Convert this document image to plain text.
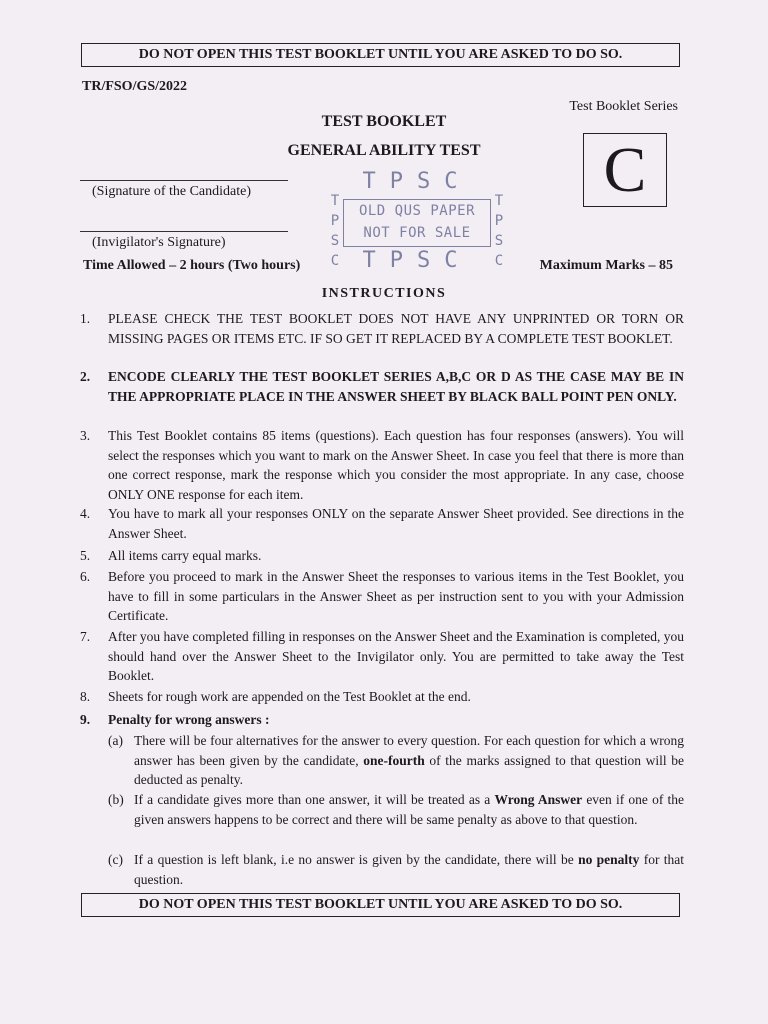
DO NOT OPEN THIS TEST BOOKLET UNTIL YOU ARE ASKED TO DO SO.
TR/FSO/GS/2022
Test Booklet Series
TEST BOOKLET
GENERAL ABILITY TEST	C
(Signature of the Candidate)
(Invigilator's Signature)
TPSC
T
P
S
C
OLD QUS PAPER
NOT FOR SALE
T
P
S
C
TPSC
Time Allowed – 2 hours (Two hours)	Maximum Marks – 85
INSTRUCTIONS
1. PLEASE CHECK THE TEST BOOKLET DOES NOT HAVE ANY UNPRINTED OR TORN OR MISSING PAGES OR ITEMS ETC. IF SO GET IT REPLACED BY A COMPLETE TEST BOOKLET.
2. ENCODE CLEARLY THE TEST BOOKLET SERIES A,B,C OR D AS THE CASE MAY BE IN THE APPROPRIATE PLACE IN THE ANSWER SHEET BY BLACK BALL POINT PEN ONLY.
3. This Test Booklet contains 85 items (questions). Each question has four responses (answers). You will select the responses which you want to mark on the Answer Sheet. In case you feel that there is more than one correct response, mark the response which you consider the most appropriate. In any case, choose ONLY ONE response for each item.
4. You have to mark all your responses ONLY on the separate Answer Sheet provided. See directions in the Answer Sheet.
5. All items carry equal marks.
6. Before you proceed to mark in the Answer Sheet the responses to various items in the Test Booklet, you have to fill in some particulars in the Answer Sheet as per instruction sent to you with your Admission Certificate.
7. After you have completed filling in responses on the Answer Sheet and the Examination is completed, you should hand over the Answer Sheet to the Invigilator only. You are permitted to take away the Test Booklet.
8. Sheets for rough work are appended on the Test Booklet at the end.
9. Penalty for wrong answers :
(a) There will be four alternatives for the answer to every question. For each question for which a wrong answer has been given by the candidate, one-fourth of the marks assigned to that question will be deducted as penalty.
(b) If a candidate gives more than one answer, it will be treated as a Wrong Answer even if one of the given answers happens to be correct and there will be same penalty as above to that question.
(c) If a question is left blank, i.e no answer is given by the candidate, there will be no penalty for that question.
DO NOT OPEN THIS TEST BOOKLET UNTIL YOU ARE ASKED TO DO SO.
